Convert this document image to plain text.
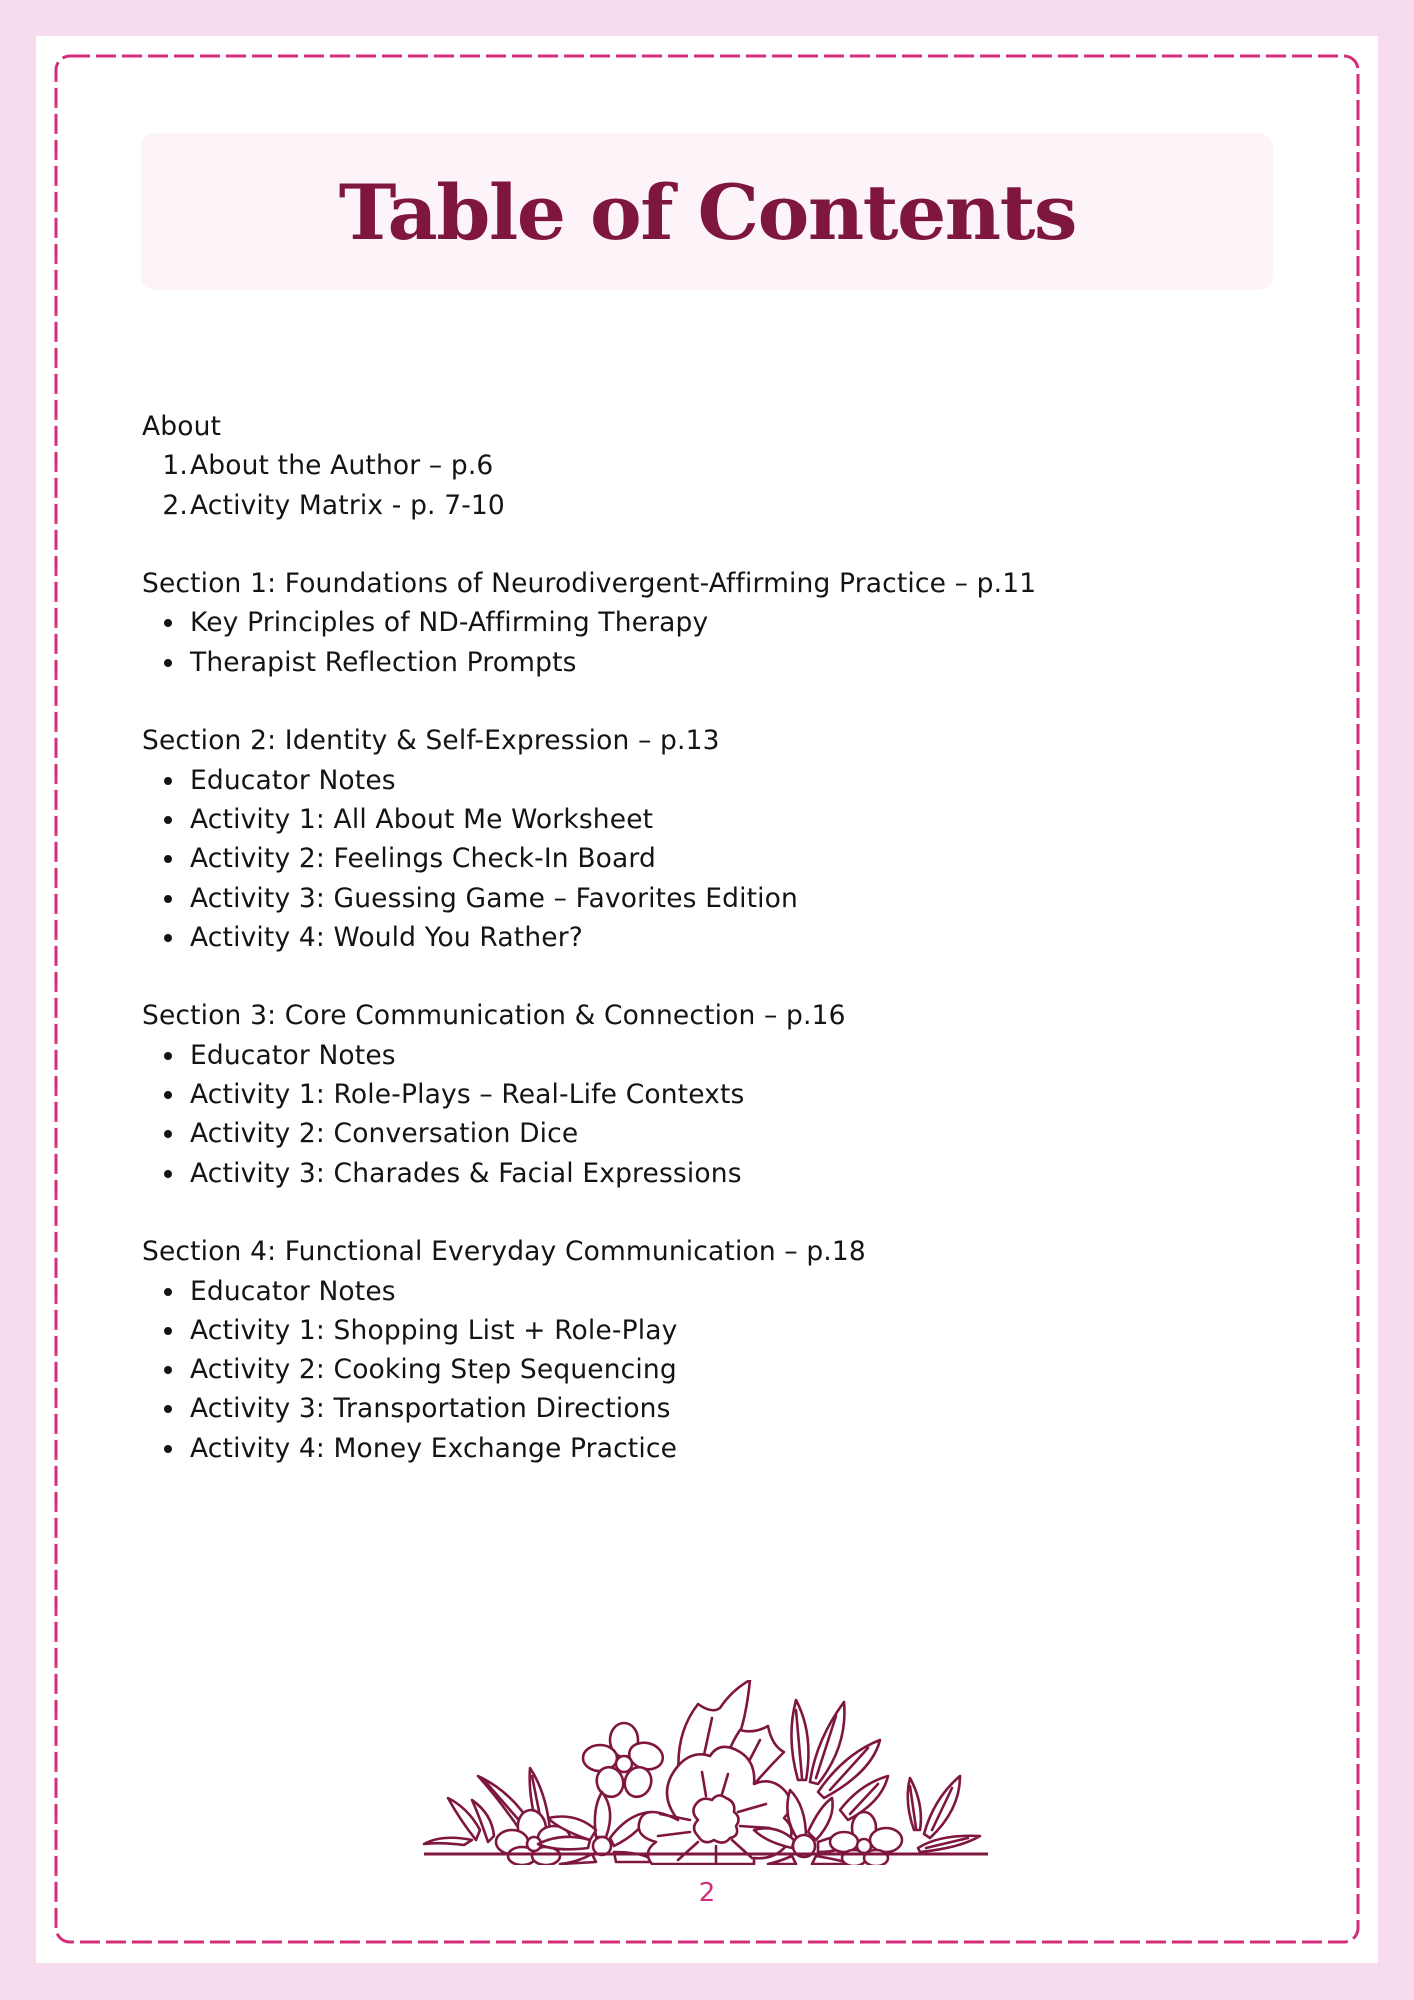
Table of Contents
About
1. About the Author – p.6
2. Activity Matrix - p. 7-10
Section 1: Foundations of Neurodivergent-Affirming Practice – p.11
Key Principles of ND-Affirming Therapy
Therapist Reflection Prompts
Section 2: Identity & Self-Expression – p.13
Educator Notes
Activity 1: All About Me Worksheet
Activity 2: Feelings Check-In Board
Activity 3: Guessing Game – Favorites Edition
Activity 4: Would You Rather?
Section 3: Core Communication & Connection – p.16
Educator Notes
Activity 1: Role-Plays – Real-Life Contexts
Activity 2: Conversation Dice
Activity 3: Charades & Facial Expressions
Section 4: Functional Everyday Communication – p.18
Educator Notes
Activity 1: Shopping List + Role-Play
Activity 2: Cooking Step Sequencing
Activity 3: Transportation Directions
Activity 4: Money Exchange Practice
2
